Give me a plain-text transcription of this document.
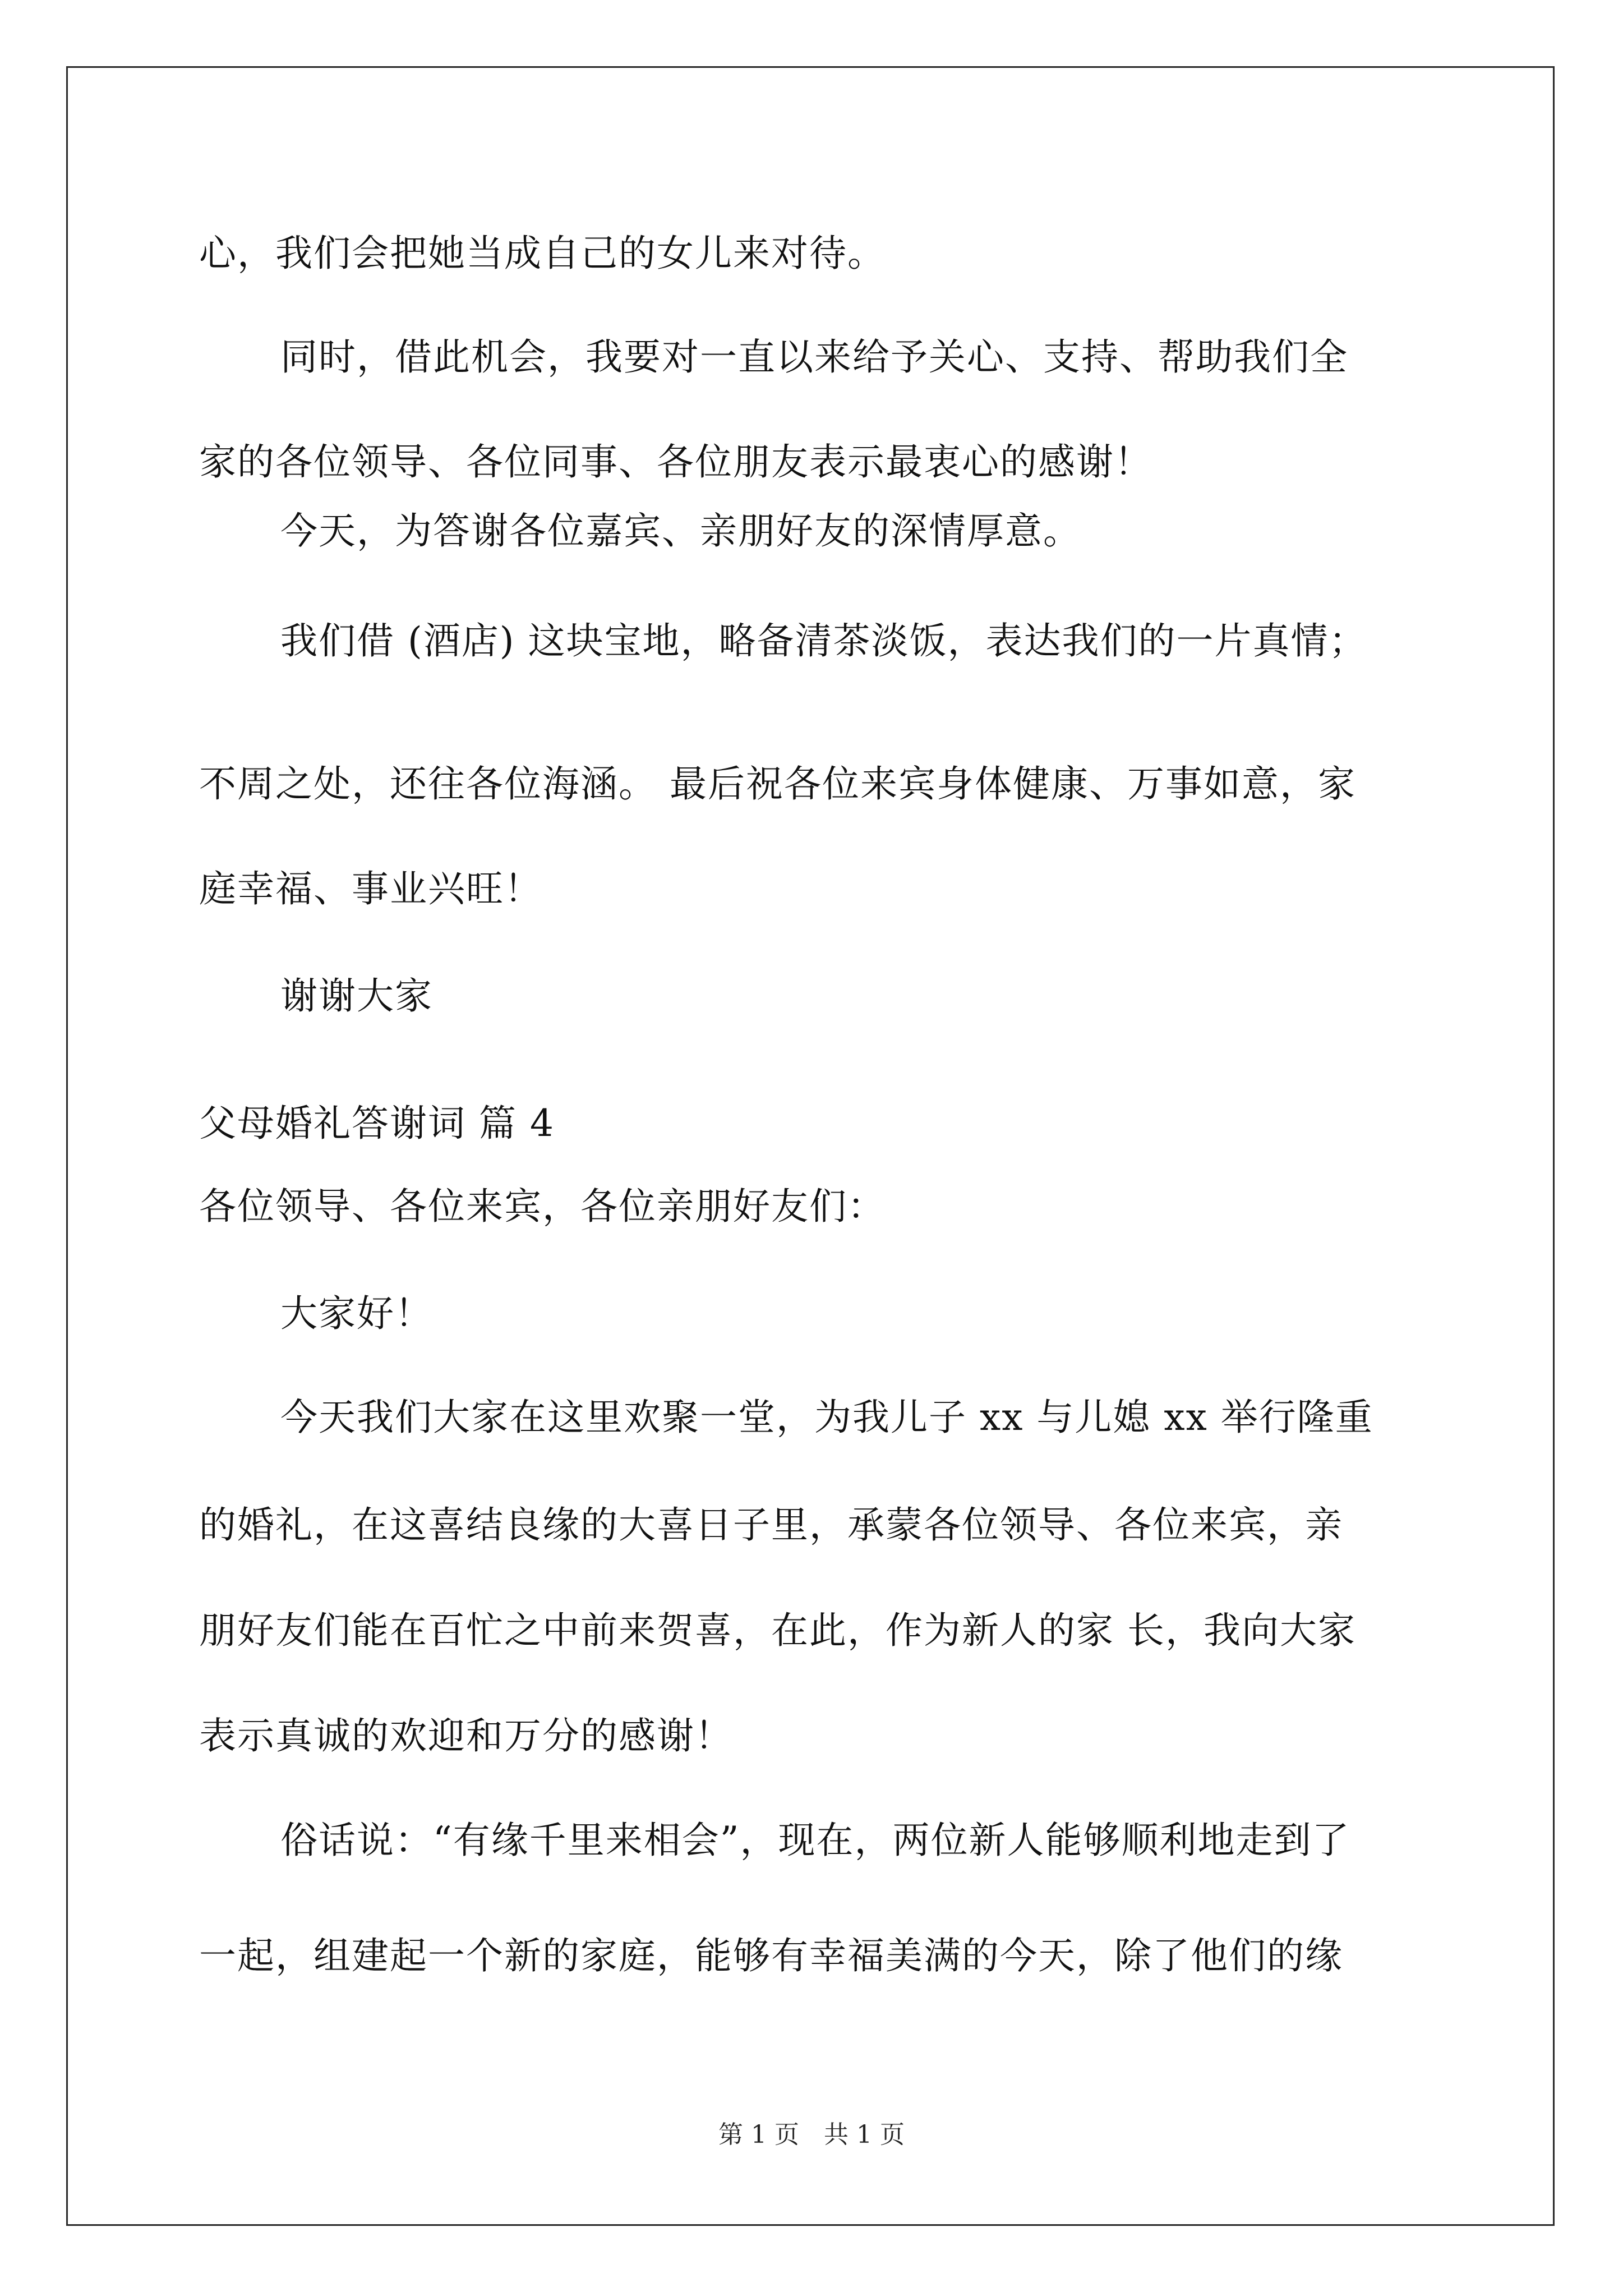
心，我们会把她当成自己的女儿来对待。
同时，借此机会，我要对一直以来给予关心、支持、帮助我们全
家的各位领导、各位同事、各位朋友表示最衷心的感谢！
今天，为答谢各位嘉宾、亲朋好友的深情厚意。
我们借 (酒店) 这块宝地，略备清茶淡饭，表达我们的一片真情；
不周之处，还往各位海涵。 最后祝各位来宾身体健康、万事如意，家
庭幸福、事业兴旺！
谢谢大家
父母婚礼答谢词 篇 4
各位领导、各位来宾，各位亲朋好友们：
大家好！
今天我们大家在这里欢聚一堂，为我儿子 xx 与儿媳 xx 举行隆重
的婚礼，在这喜结良缘的大喜日子里，承蒙各位领导、各位来宾，亲
朋好友们能在百忙之中前来贺喜，在此，作为新人的家 长，我向大家
表示真诚的欢迎和万分的感谢！
俗话说：“有缘千里来相会”，现在，两位新人能够顺利地走到了
一起，组建起一个新的家庭，能够有幸福美满的今天，除了他们的缘
第 1 页 共 1 页
